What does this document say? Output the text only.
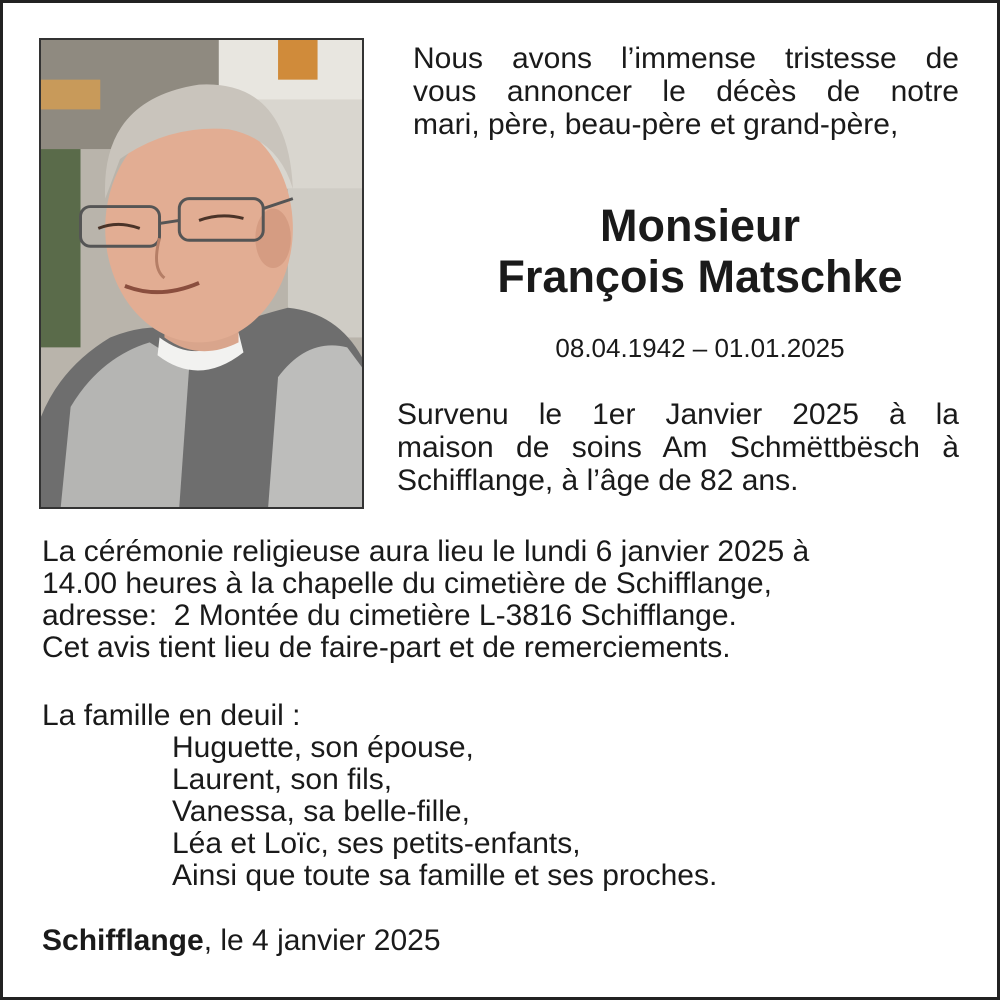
Nous avons l’immense tristesse de
vous annoncer le décès de notre
mari, père, beau-père et grand-père,
Monsieur
François Matschke
08.04.1942 – 01.01.2025
Survenu le 1er Janvier 2025 à la
maison de soins Am Schmëttbësch à
Schifflange, à l’âge de 82 ans.
La cérémonie religieuse aura lieu le lundi 6 janvier 2025 à
14.00 heures à la chapelle du cimetière de Schifflange,
adresse:  2 Montée du cimetière L-3816 Schifflange.
Cet avis tient lieu de faire-part et de remerciements.
La famille en deuil :
Huguette, son épouse,
Laurent, son fils,
Vanessa, sa belle-fille,
Léa et Loïc, ses petits-enfants,
Ainsi que toute sa famille et ses proches.
Schifflange, le 4 janvier 2025
